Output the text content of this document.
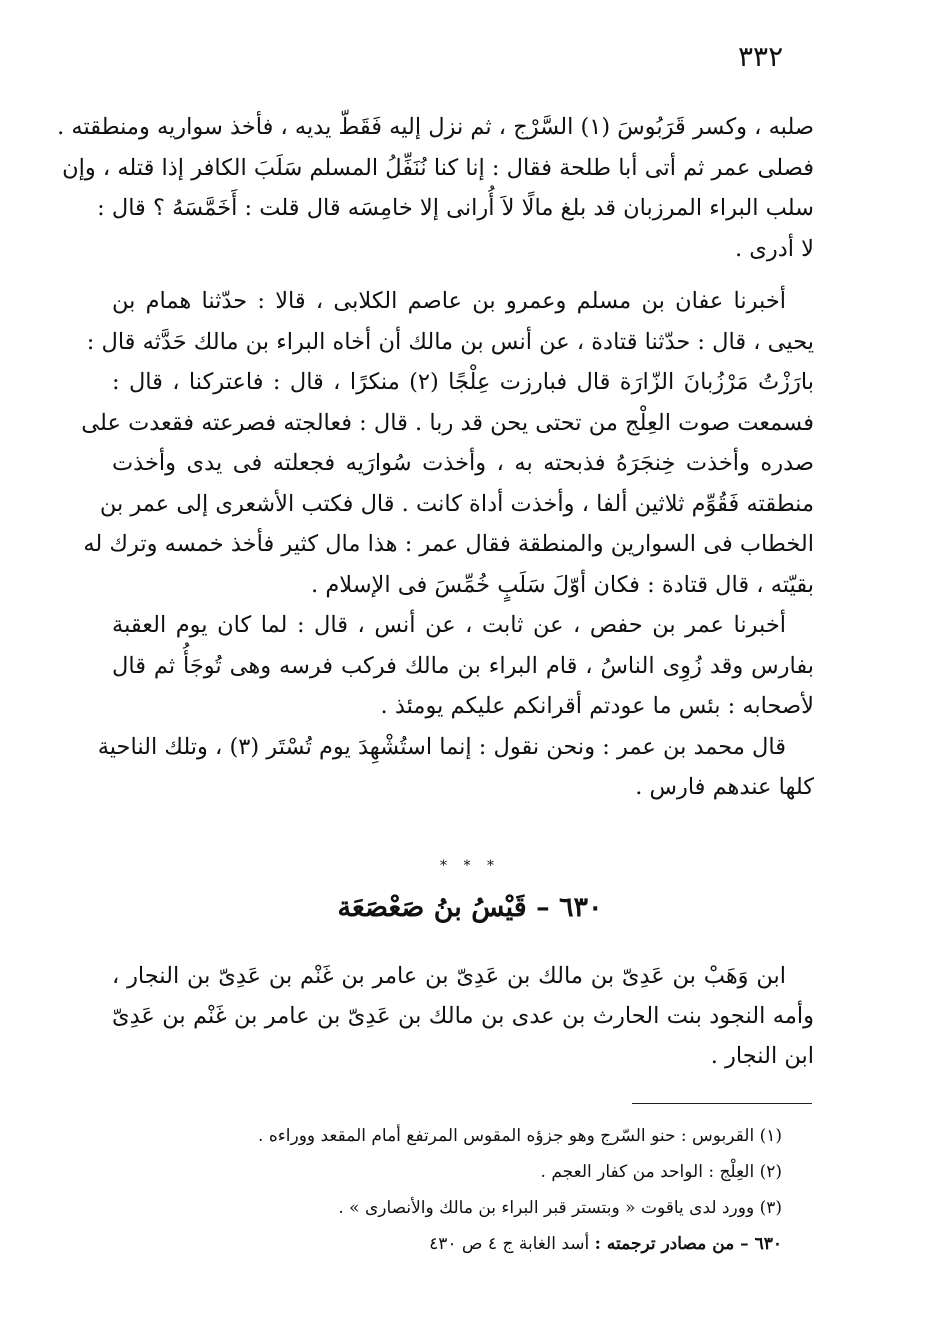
٣٣٢
صلبه ، وكسر قَرَبُوسَ (١) السَّرْج ، ثم نزل إليه فَقَطّ يديه ، فأخذ سواريه ومنطقته .
فصلى عمر ثم أتى أبا طلحة فقال : إنا كنا نُنَفِّلُ المسلم سَلَبَ الكافر إذا قتله ، وإن
سلب البراء المرزبان قد بلغ مالًا لاَ أُرانى إلا خامِسَه قال قلت : أَخَمَّسَهُ ؟ قال :
لا أدرى .
أخبرنا عفان بن مسلم وعمرو بن عاصم الكلابى ، قالا : حدّثنا همام بن
يحيى ، قال : حدّثنا قتادة ، عن أنس بن مالك أن أخاه البراء بن مالك حَدَّثه قال :
بارَزْتُ مَرْزُبانَ الزّارَة قال فبارزت عِلْجًا (٢) منكرًا ، قال : فاعتركنا ، قال :
فسمعت صوت العِلْج من تحتى يحن قد ربا . قال : فعالجته فصرعته فقعدت على
صدره وأخذت خِنجَرَهُ فذبحته به ، وأخذت سُوارَيه فجعلته فى يدى وأخذت
منطقته فَقُوِّم ثلاثين ألفا ، وأخذت أداة كانت . قال فكتب الأشعرى إلى عمر بن
الخطاب فى السوارين والمنطقة فقال عمر : هذا مال كثير فأخذ خمسه وترك له
بقيّته ، قال قتادة : فكان أوّلَ سَلَبٍ خُمِّسَ فى الإسلام .
أخبرنا عمر بن حفص ، عن ثابت ، عن أنس ، قال : لما كان يوم العقبة
بفارس وقد زُوِى الناسُ ، قام البراء بن مالك فركب فرسه وهى تُوجَأُ ثم قال
لأصحابه : بئس ما عودتم أقرانكم عليكم يومئذ .
قال محمد بن عمر : ونحن نقول : إنما استُشْهِدَ يوم تُسْتَر (٣) ، وتلك الناحية
كلها عندهم فارس .
* * *
٦٣٠ – قَيْسُ بنُ صَعْصَعَة
ابن وَهَبْ بن عَدِىّ بن مالك بن عَدِىّ بن عامر بن غَنْم بن عَدِىّ بن النجار ،
وأمه النجود بنت الحارث بن عدى بن مالك بن عَدِىّ بن عامر بن غَنْم بن عَدِىّ
ابن النجار .
(١) القربوس : حنو السّرج وهو جزؤه المقوس المرتفع أمام المقعد ووراءه .
(٢) العِلْج : الواحد من كفار العجم .
(٣) وورد لدى ياقوت « وبتستر قبر البراء بن مالك والأنصارى » .
٦٣٠ – من مصادر ترجمته : أسد الغابة ج ٤ ص ٤٣٠
